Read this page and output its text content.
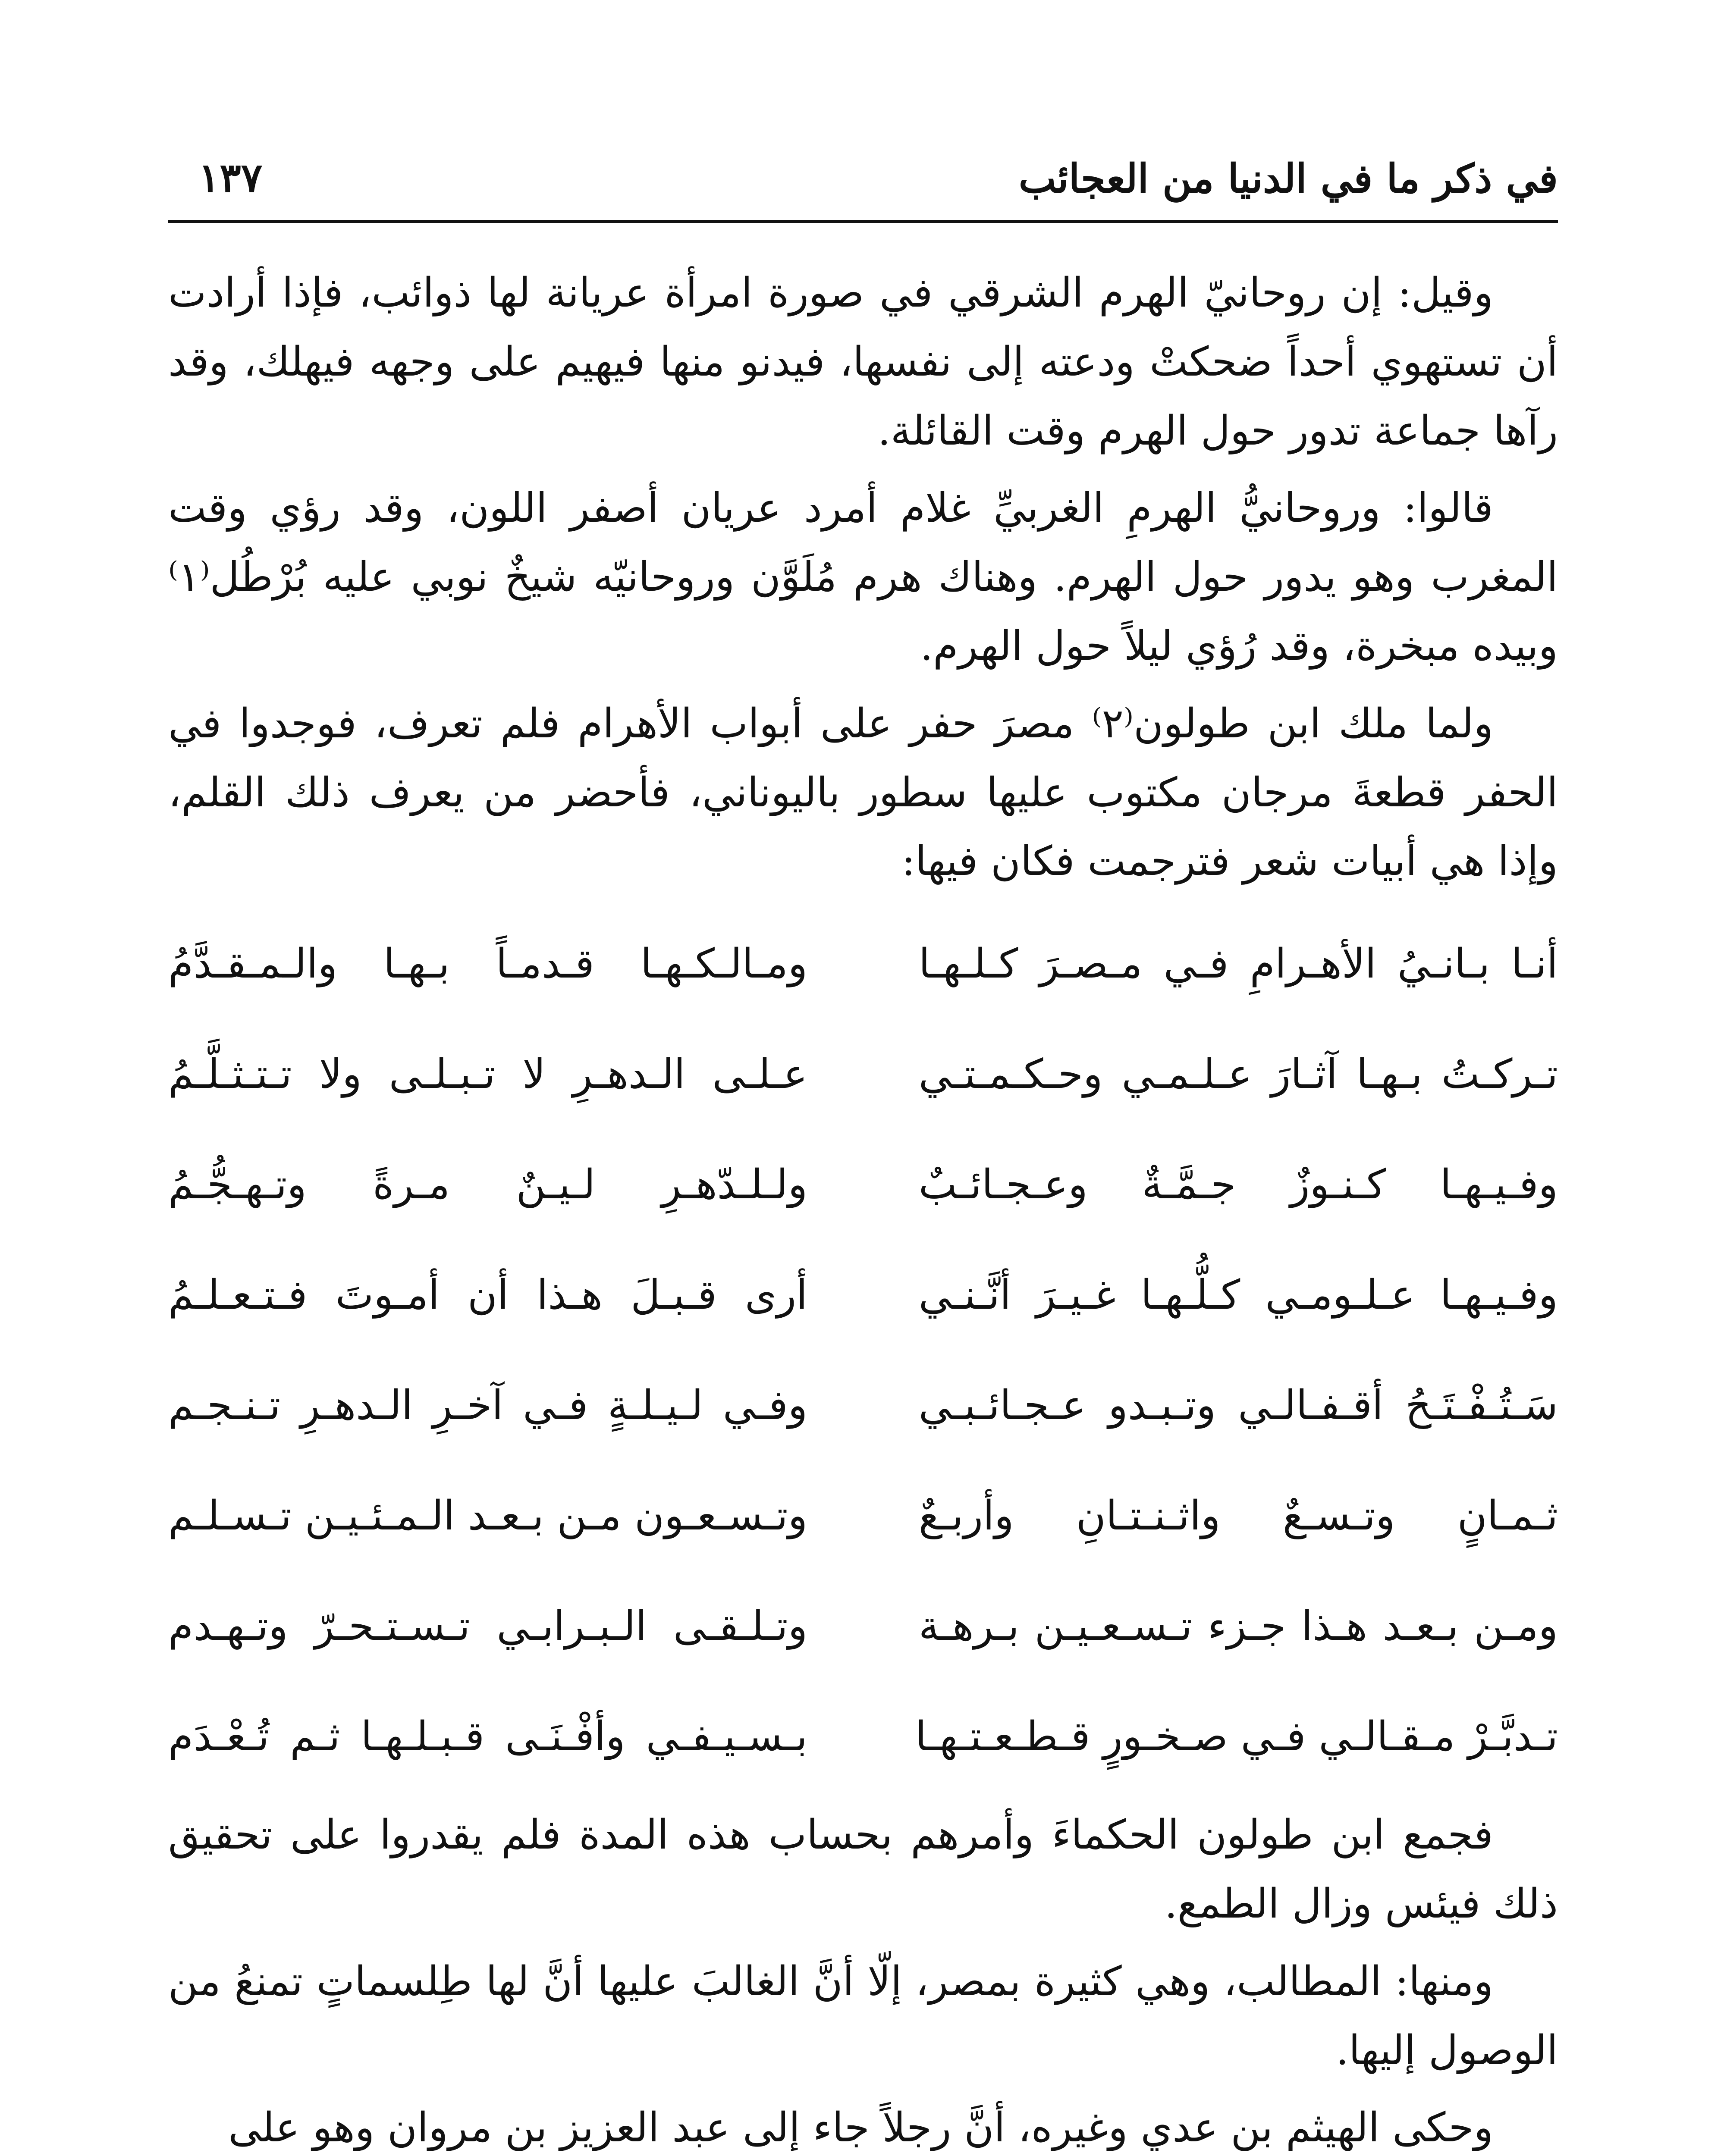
في ذكر ما في الدنيا من العجائب
١٣٧

وقيل: إن روحانيّ الهرم الشرقي في صورة امرأة عريانة لها ذوائب، فإذا أرادت أن تستهوي أحداً ضحكتْ ودعته إلى نفسها، فيدنو منها فيهيم على وجهه فيهلك، وقد رآها جماعة تدور حول الهرم وقت القائلة.

قالوا: وروحانيُّ الهرمِ الغربيِّ غلام أمرد عريان أصفر اللون، وقد رؤي وقت المغرب وهو يدور حول الهرم. وهناك هرم مُلَوَّن وروحانيّه شيخٌ نوبي عليه بُرْطُل⁽١⁾ وبيده مبخرة، وقد رُؤي ليلاً حول الهرم.

ولما ملك ابن طولون⁽٢⁾ مصرَ حفر على أبواب الأهرام فلم تعرف، فوجدوا في الحفر قطعةَ مرجان مكتوب عليها سطور باليوناني، فأحضر من يعرف ذلك القلم، وإذا هي أبيات شعر فترجمت فكان فيها:

أنـا بـانـيُ الأهـرامِ فـي مـصـرَ كـلـهـا
ومـالـكـهـا قـدمـاً بـهـا والـمـقـدَّمُ
تـركـتُ بـهـا آثـارَ عـلـمـي وحـكـمـتـي
عـلـى الـدهـرِ لا تـبـلـى ولا تـتـثـلَّـمُ
وفـيـهـا كـنـوزٌ جـمَّـةٌ وعـجـائـبٌ
ولـلـدّهـرِ لـيـنٌ مـرةً وتـهـجُّـمُ
وفـيـهـا عـلـومـي كـلُّـهـا غـيـرَ أنَّـنـي
أرى قـبـلَ هـذا أن أمـوتَ فـتـعـلـمُ
سَـتُـفْـتَـحُ أقـفـالـي وتـبـدو عـجـائـبـي
وفـي لـيـلـةٍ فـي آخـرِ الـدهـرِ تـنـجـم
ثـمـانٍ وتـسـعٌ واثـنـتـانِ وأربـعٌ
وتـسـعـون مـن بـعـد الـمـئـيـن تـسـلـم
ومـن بـعـد هـذا جـزء تـسـعـيـن بـرهـة
وتـلـقـى الـبـرابـي تـسـتـحـرّ وتـهـدم
تـدبَّـرْ مـقـالـي فـي صـخـورٍ قـطـعـتـهـا
بـسـيـفـي وأفْـنَـى قـبـلـهـا ثـم تُـعْـدَم

فجمع ابن طولون الحكماءَ وأمرهم بحساب هذه المدة فلم يقدروا على تحقيق ذلك فيئس وزال الطمع.

ومنها: المطالب، وهي كثيرة بمصر، إلّا أنَّ الغالبَ عليها أنَّ لها طِلسماتٍ تمنعُ من الوصول إليها.

وحكى الهيثم بن عدي وغيره، أنَّ رجلاً جاء إلى عبد العزيز بن مروان وهو على
